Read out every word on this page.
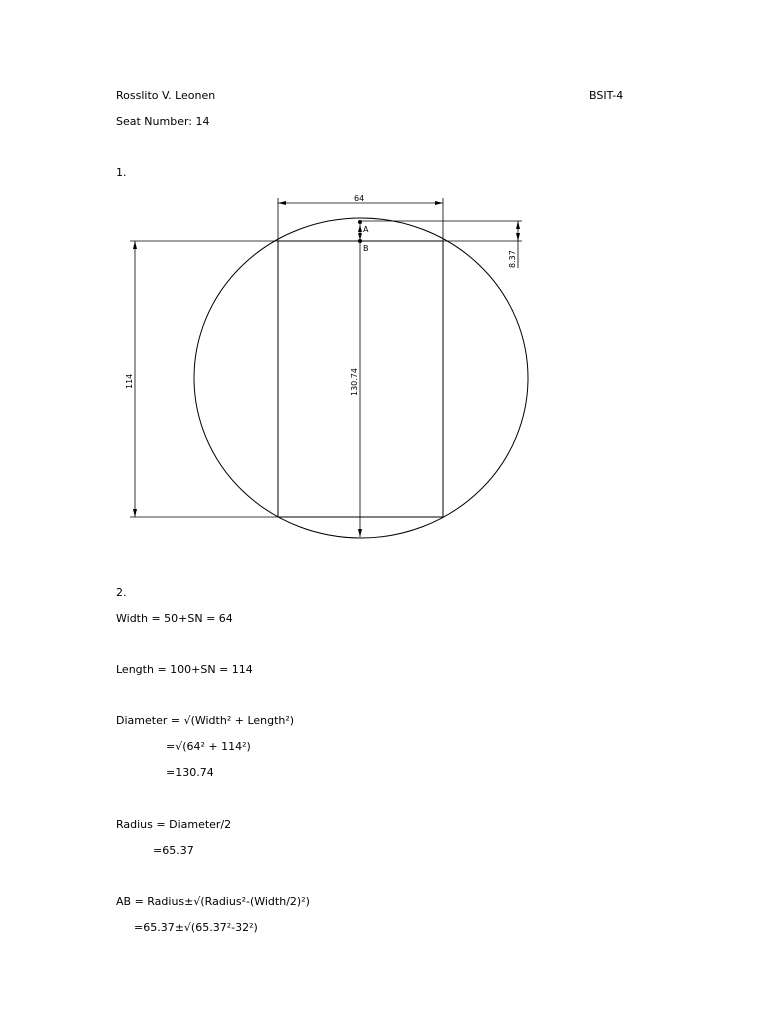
Rosslito V. Leonen	BSIT-4
Seat Number: 14
1.
64
114
8.37
130.74
A
B
2.
Width = 50+SN = 64
Length = 100+SN = 114
Diameter = √(Width² + Length²)
=√(64² + 114²)
=130.74
Radius = Diameter/2
=65.37
AB = Radius±√(Radius²-(Width/2)²)
=65.37±√(65.37²-32²)
